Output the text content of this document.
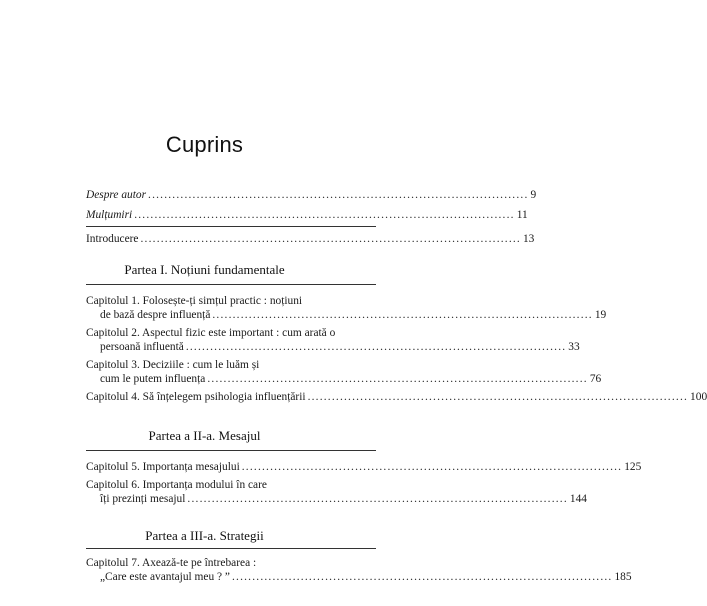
Cuprins
Despre autor .............................................................................................. 9
Mulțumiri .............................................................................................. 11
Introducere .............................................................................................. 13
Partea I. Noțiuni fundamentale
Capitolul 1. Folosește-ți simțul practic : noțiuni
de bază despre influență .............................................................................................. 19
Capitolul 2. Aspectul fizic este important : cum arată o
persoană influentă .............................................................................................. 33
Capitolul 3. Deciziile : cum le luăm și
cum le putem influența .............................................................................................. 76
Capitolul 4. Să înțelegem psihologia influențării .............................................................................................. 100
Partea a II-a. Mesajul
Capitolul 5. Importanța mesajului .............................................................................................. 125
Capitolul 6. Importanța modului în care
îți prezinți mesajul .............................................................................................. 144
Partea a III-a. Strategii
Capitolul 7. Axează-te pe întrebarea :
„Care este avantajul meu ? ” .............................................................................................. 185
